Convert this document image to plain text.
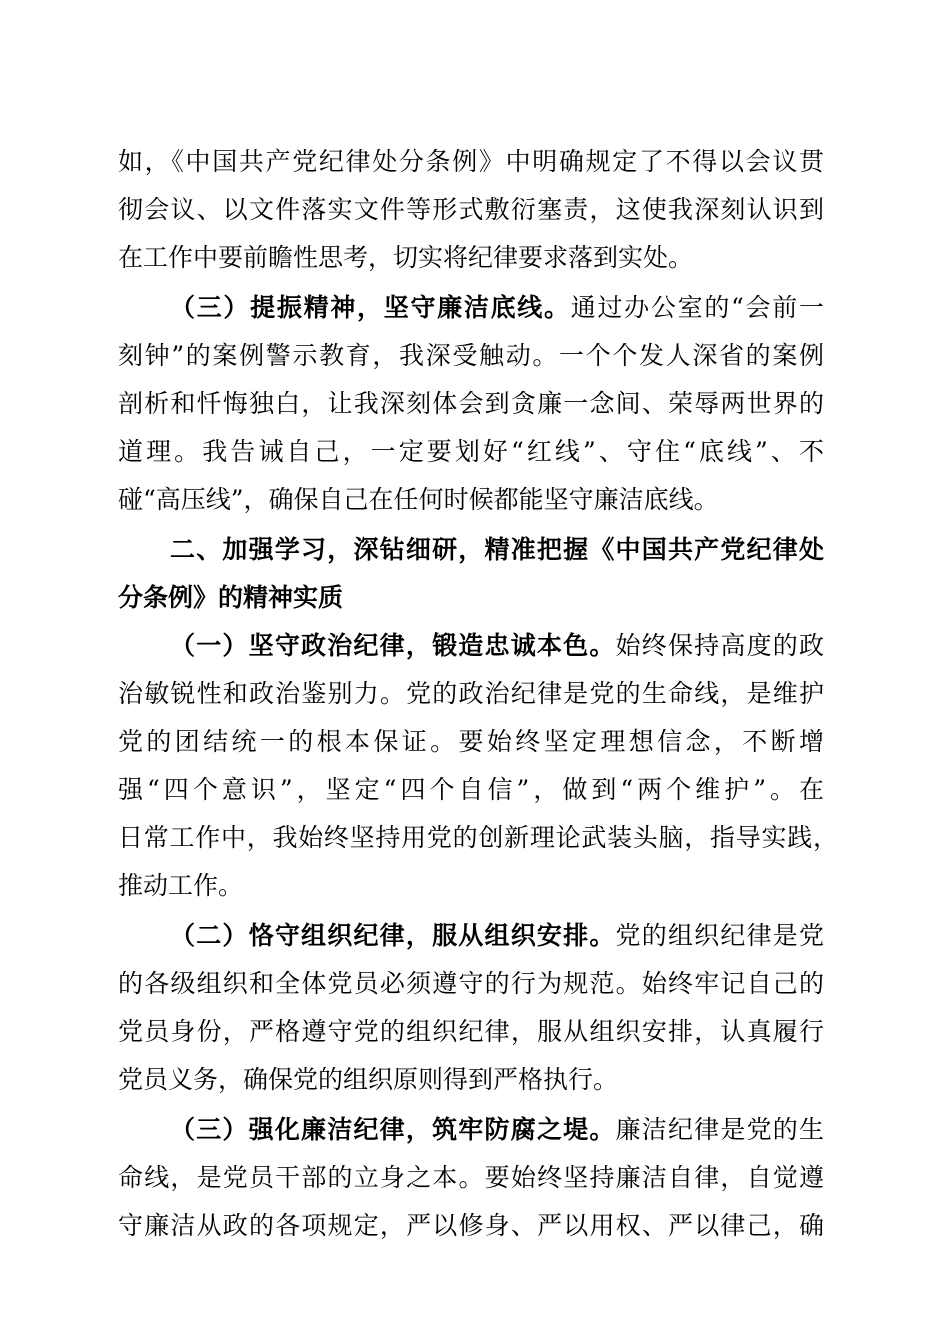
如，《中国共产党纪律处分条例》中明确规定了不得以会议贯
彻会议、以文件落实文件等形式敷衍塞责，这使我深刻认识到
在工作中要前瞻性思考，切实将纪律要求落到实处。
（三）提振精神，坚守廉洁底线。通过办公室的“会前一
刻钟”的案例警示教育，我深受触动。一个个发人深省的案例
剖析和忏悔独白，让我深刻体会到贪廉一念间、荣辱两世界的
道理。我告诫自己，一定要划好“红线”、守住“底线”、不
碰“高压线”，确保自己在任何时候都能坚守廉洁底线。
二、加强学习，深钻细研，精准把握《中国共产党纪律处
分条例》的精神实质
（一）坚守政治纪律，锻造忠诚本色。始终保持高度的政
治敏锐性和政治鉴别力。党的政治纪律是党的生命线，是维护
党的团结统一的根本保证。要始终坚定理想信念，不断增
强“四个意识”，坚定“四个自信”，做到“两个维护”。在
日常工作中，我始终坚持用党的创新理论武装头脑，指导实践，
推动工作。
（二）恪守组织纪律，服从组织安排。党的组织纪律是党
的各级组织和全体党员必须遵守的行为规范。始终牢记自己的
党员身份，严格遵守党的组织纪律，服从组织安排，认真履行
党员义务，确保党的组织原则得到严格执行。
（三）强化廉洁纪律，筑牢防腐之堤。廉洁纪律是党的生
命线，是党员干部的立身之本。要始终坚持廉洁自律，自觉遵
守廉洁从政的各项规定，严以修身、严以用权、严以律己，确
